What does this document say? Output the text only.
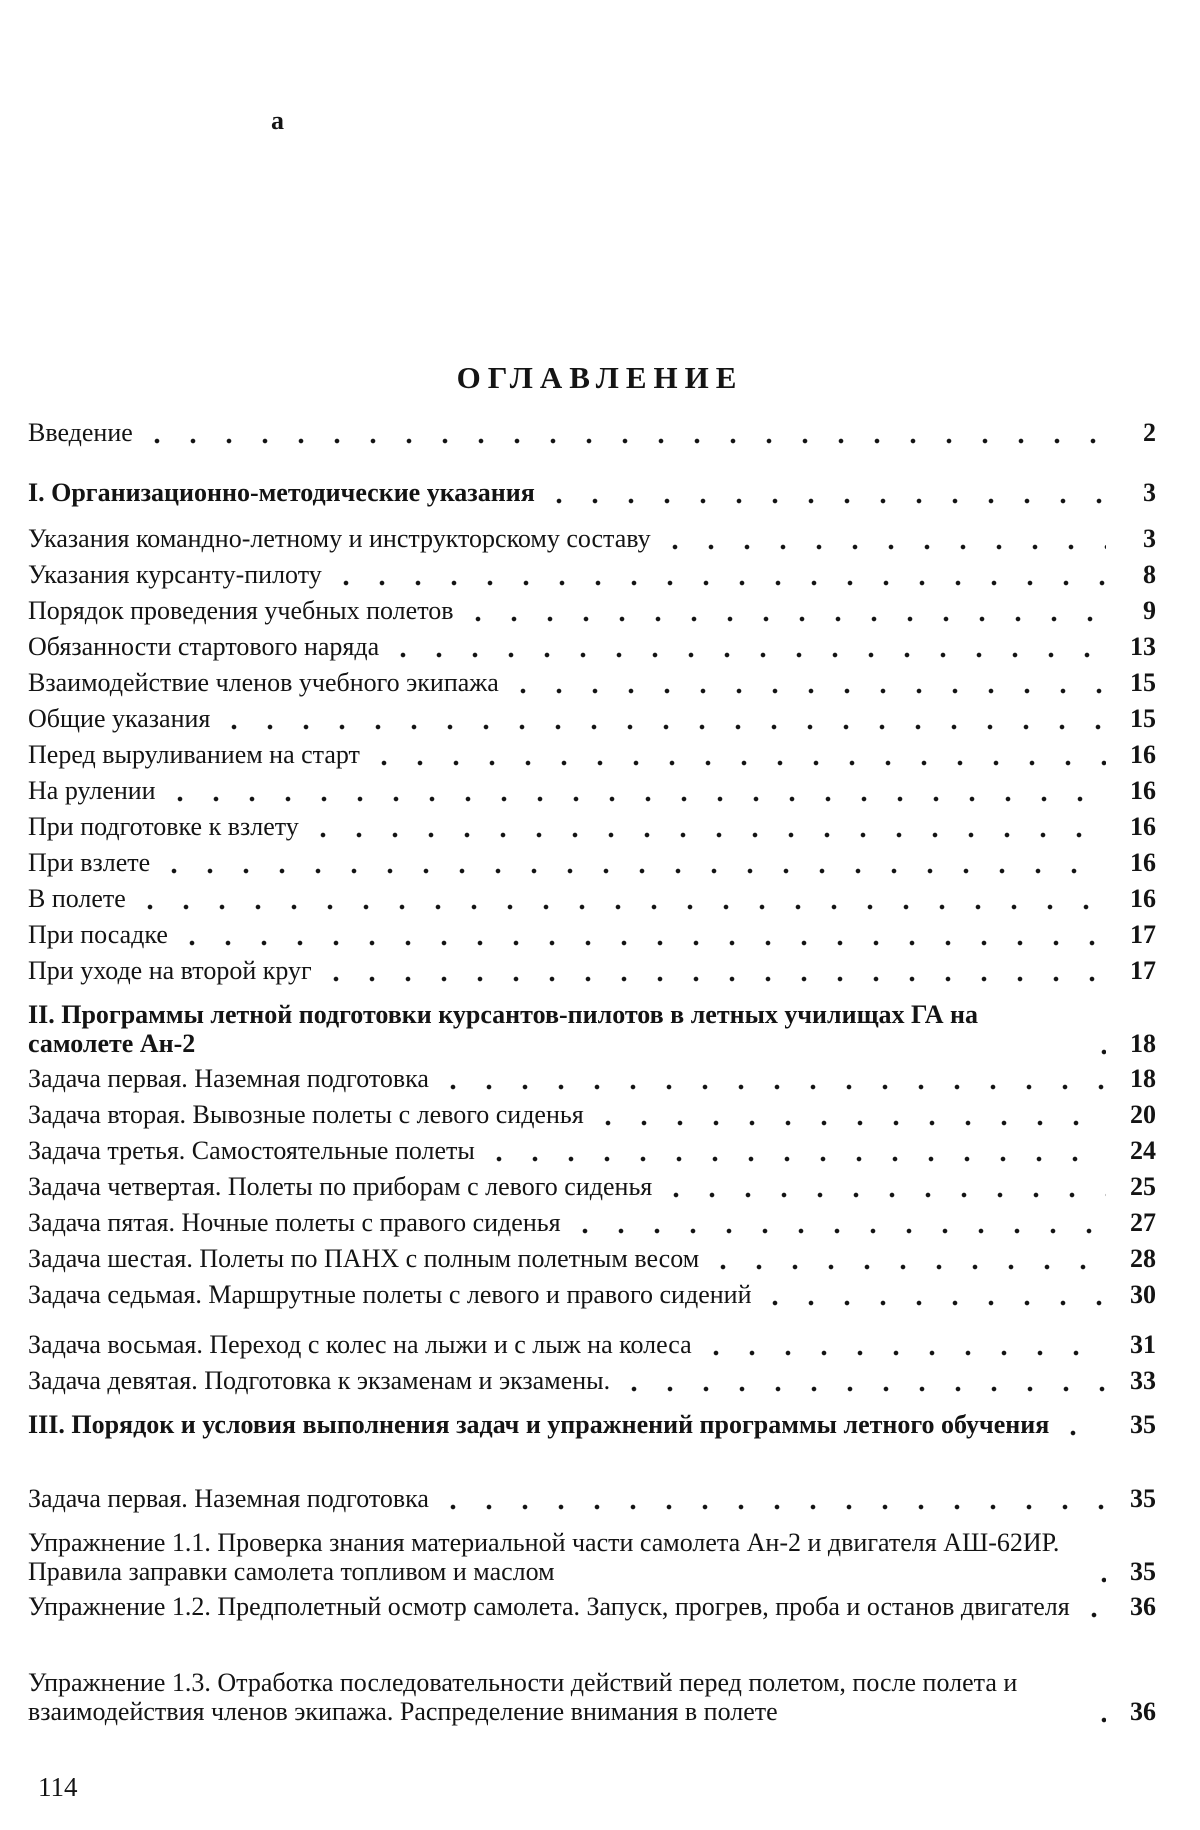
a
ОГЛАВЛЕНИЕ
Введение	2
I. Организационно-методические указания	3
Указания командно-летному и инструкторскому составу	3
Указания курсанту-пилоту	8
Порядок проведения учебных полетов	9
Обязанности стартового наряда	13
Взаимодействие членов учебного экипажа	15
Общие указания	15
Перед выруливанием на старт	16
На рулении	16
При подготовке к взлету	16
При взлете	16
В полете	16
При посадке	17
При уходе на второй круг	17
II. Программы летной подготовки курсантов-пилотов в летных училищах ГА на самолете Ан-2	18
Задача первая. Наземная подготовка	18
Задача вторая. Вывозные полеты с левого сиденья	20
Задача третья. Самостоятельные полеты	24
Задача четвертая. Полеты по приборам с левого сиденья	25
Задача пятая. Ночные полеты с правого сиденья	27
Задача шестая. Полеты по ПАНХ с полным полетным весом	28
Задача седьмая. Маршрутные полеты с левого и правого сидений	30
Задача восьмая. Переход с колес на лыжи и с лыж на колеса	31
Задача девятая. Подготовка к экзаменам и экзамены.	33
III. Порядок и условия выполнения задач и упражнений программы летного обучения	35
Задача первая. Наземная подготовка	35
Упражнение 1.1. Проверка знания материальной части самолета Ан-2 и двигателя АШ-62ИР. Правила заправки самолета топливом и маслом	35
Упражнение 1.2. Предполетный осмотр самолета. Запуск, прогрев, проба и останов двигателя	36
Упражнение 1.3. Отработка последовательности действий перед полетом, после полета и взаимодействия членов экипажа. Распределение внимания в полете	36
114
